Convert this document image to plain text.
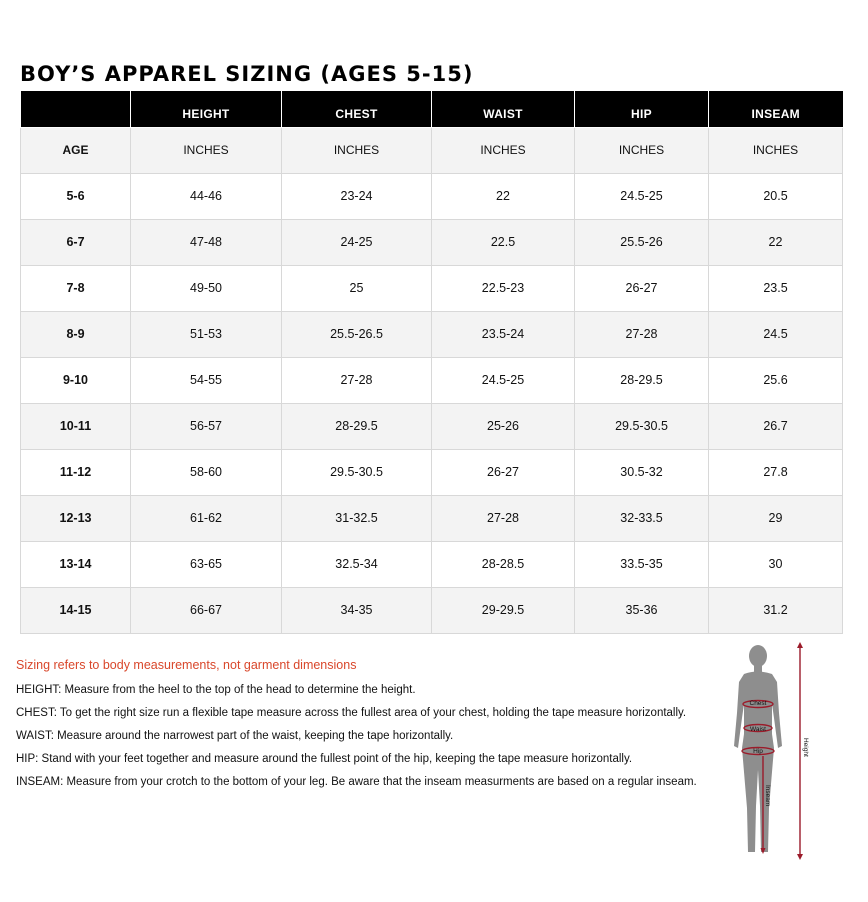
BOY’S APPAREL SIZING (AGES 5-15)
	HEIGHT	CHEST	WAIST	HIP	INSEAM
AGE	INCHES	INCHES	INCHES	INCHES	INCHES
5-6	44-46	23-24	22	24.5-25	20.5
6-7	47-48	24-25	22.5	25.5-26	22
7-8	49-50	25	22.5-23	26-27	23.5
8-9	51-53	25.5-26.5	23.5-24	27-28	24.5
9-10	54-55	27-28	24.5-25	28-29.5	25.6
10-11	56-57	28-29.5	25-26	29.5-30.5	26.7
11-12	58-60	29.5-30.5	26-27	30.5-32	27.8
12-13	61-62	31-32.5	27-28	32-33.5	29
13-14	63-65	32.5-34	28-28.5	33.5-35	30
14-15	66-67	34-35	29-29.5	35-36	31.2

Sizing refers to body measurements, not garment dimensions

HEIGHT: Measure from the heel to the top of the head to determine the height.

CHEST: To get the right size run a flexible tape measure across the fullest area of your chest, holding the tape measure horizontally.

WAIST: Measure around the narrowest part of the waist, keeping the tape horizontally.

HIP: Stand with your feet together and measure around the fullest point of the hip, keeping the tape measure horizontally.

INSEAM: Measure from your crotch to the bottom of your leg. Be aware that the inseam measurments are based on a regular inseam.

Chest
Waist
Hip
Inseam
Height
